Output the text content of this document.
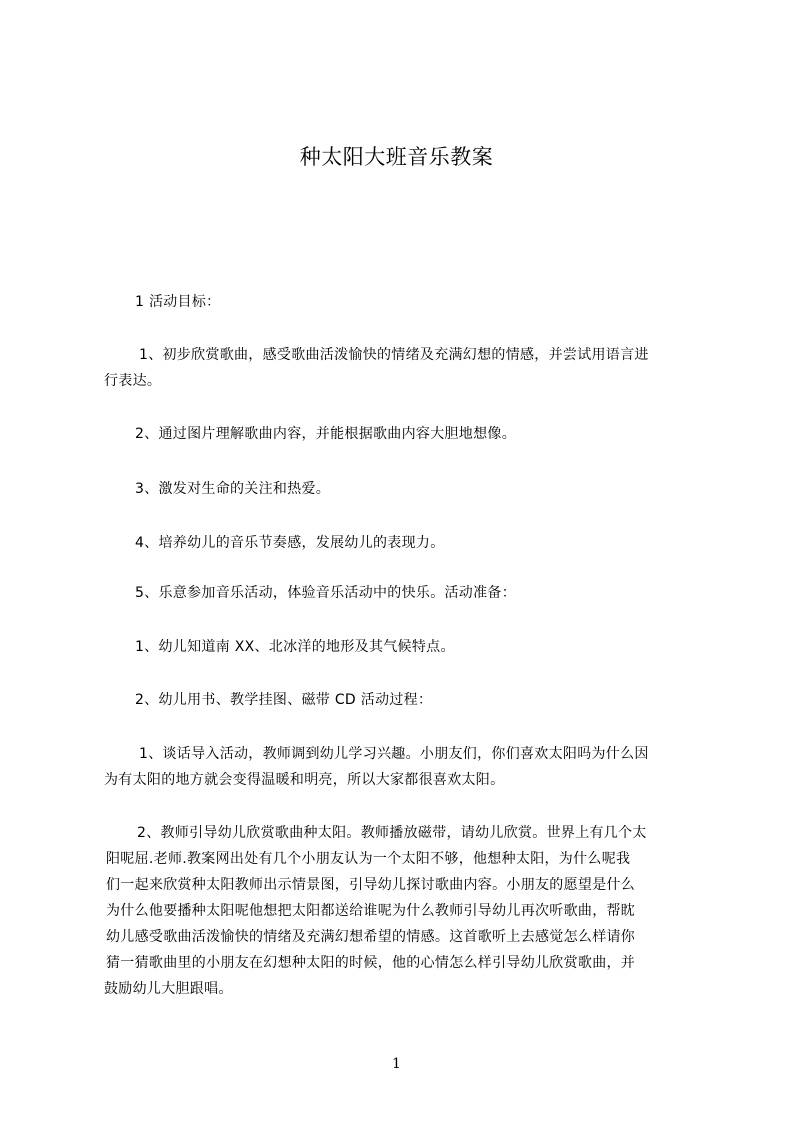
种太阳大班音乐教案
1 活动目标：
1、初步欣赏歌曲，感受歌曲活泼愉快的情绪及充满幻想的情感，并尝试用语言进
行表达。
2、通过图片理解歌曲内容，并能根据歌曲内容大胆地想像。
3、激发对生命的关注和热爱。
4、培养幼儿的音乐节奏感，发展幼儿的表现力。
5、乐意参加音乐活动，体验音乐活动中的快乐。活动准备：
1、幼儿知道南 XX、北冰洋的地形及其气候特点。
2、幼儿用书、教学挂图、磁带 CD 活动过程：
1、谈话导入活动，教师调到幼儿学习兴趣。小朋友们，你们喜欢太阳吗为什么因
为有太阳的地方就会变得温暖和明亮，所以大家都很喜欢太阳。
2、教师引导幼儿欣赏歌曲种太阳。教师播放磁带，请幼儿欣赏。世界上有几个太
阳呢屈.老师.教案网出处有几个小朋友认为一个太阳不够，他想种太阳，为什么呢我
们一起来欣赏种太阳教师出示情景图，引导幼儿探讨歌曲内容。小朋友的愿望是什么
为什么他要播种太阳呢他想把太阳都送给谁呢为什么教师引导幼儿再次听歌曲，帮眈
幼儿感受歌曲活泼愉快的情绪及充满幻想希望的情感。这首歌听上去感觉怎么样请你
猜一猜歌曲里的小朋友在幻想种太阳的时候，他的心情怎么样引导幼儿欣赏歌曲，并
鼓励幼儿大胆跟唱。
1
